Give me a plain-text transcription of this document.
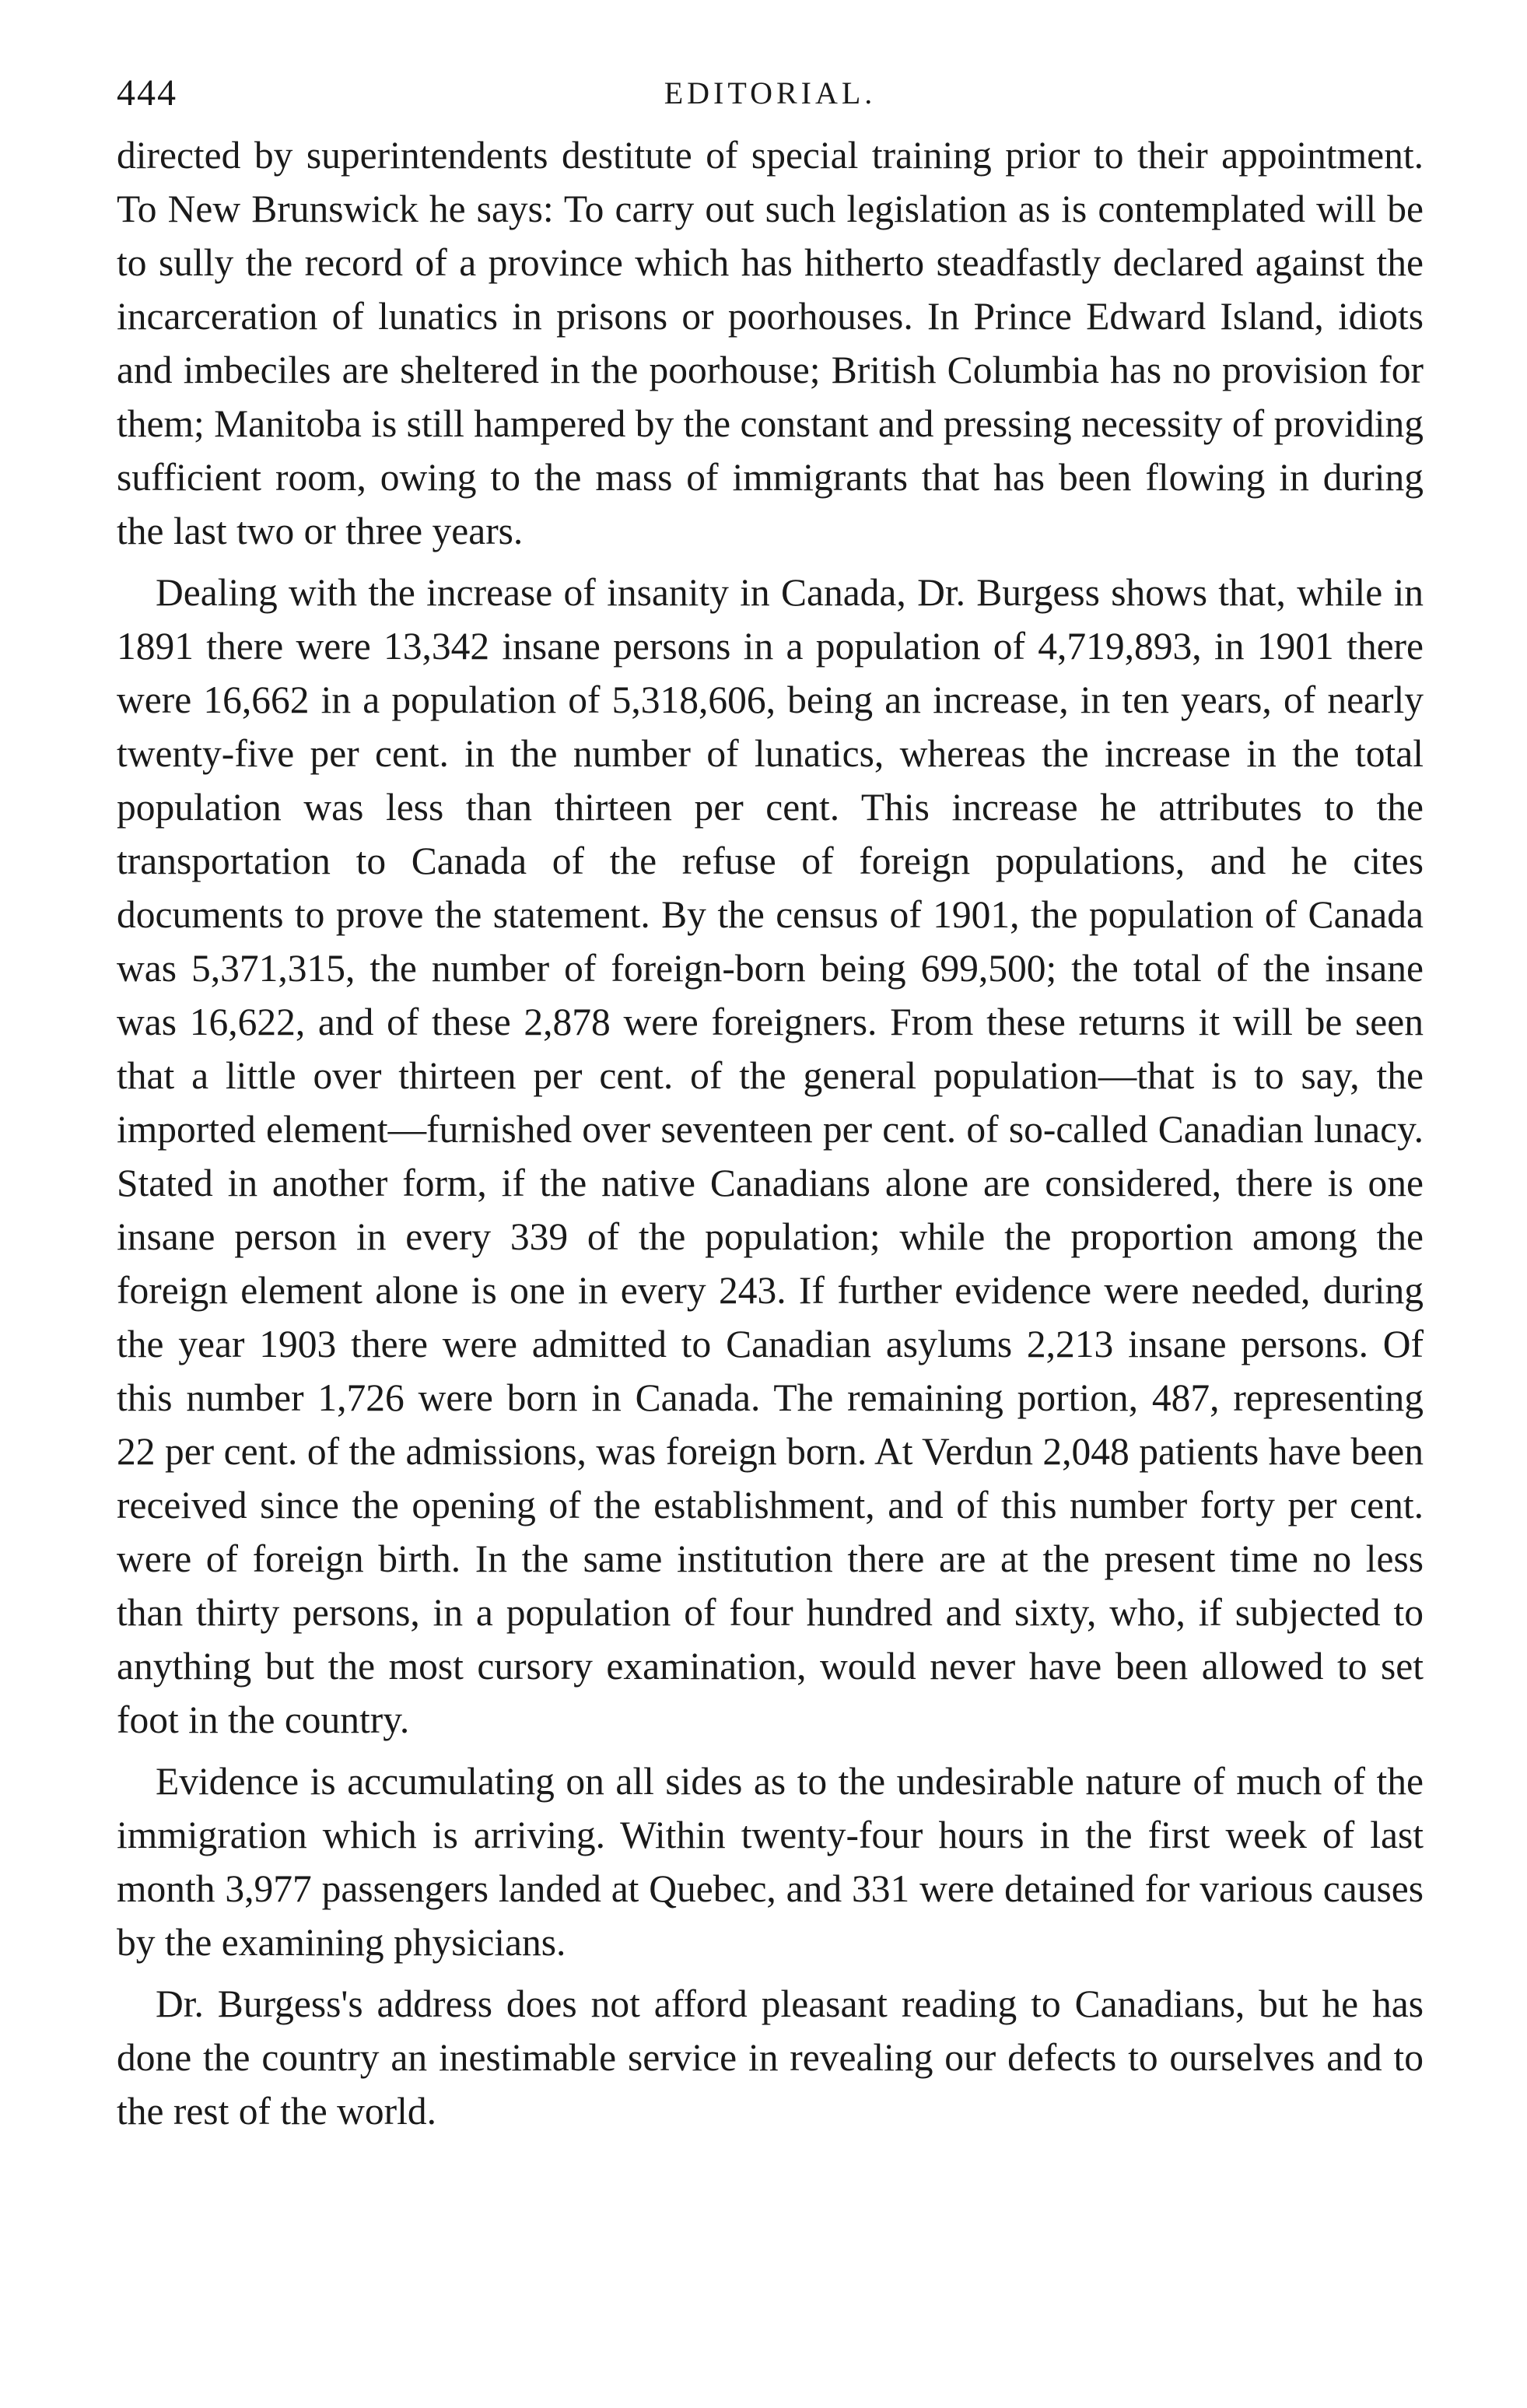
444	EDITORIAL.

directed by superintendents destitute of special training prior to their appointment. To New Brunswick he says: To carry out such legislation as is contemplated will be to sully the record of a province which has hitherto steadfastly declared against the incarceration of lunatics in prisons or poorhouses. In Prince Edward Island, idiots and imbeciles are sheltered in the poorhouse; British Columbia has no provision for them; Manitoba is still hampered by the constant and pressing necessity of providing sufficient room, owing to the mass of immigrants that has been flowing in during the last two or three years.

Dealing with the increase of insanity in Canada, Dr. Burgess shows that, while in 1891 there were 13,342 insane persons in a population of 4,719,893, in 1901 there were 16,662 in a population of 5,318,606, being an increase, in ten years, of nearly twenty-five per cent. in the number of lunatics, whereas the increase in the total population was less than thirteen per cent. This increase he attributes to the transportation to Canada of the refuse of foreign populations, and he cites documents to prove the statement. By the census of 1901, the population of Canada was 5,371,315, the number of foreign-born being 699,500; the total of the insane was 16,622, and of these 2,878 were foreigners. From these returns it will be seen that a little over thirteen per cent. of the general population—that is to say, the imported element—furnished over seventeen per cent. of so-called Canadian lunacy. Stated in another form, if the native Canadians alone are considered, there is one insane person in every 339 of the population; while the proportion among the foreign element alone is one in every 243. If further evidence were needed, during the year 1903 there were admitted to Canadian asylums 2,213 insane persons. Of this number 1,726 were born in Canada. The remaining portion, 487, representing 22 per cent. of the admissions, was foreign born. At Verdun 2,048 patients have been received since the opening of the establishment, and of this number forty per cent. were of foreign birth. In the same institution there are at the present time no less than thirty persons, in a population of four hundred and sixty, who, if subjected to anything but the most cursory examination, would never have been allowed to set foot in the country.

Evidence is accumulating on all sides as to the undesirable nature of much of the immigration which is arriving. Within twenty-four hours in the first week of last month 3,977 passengers landed at Quebec, and 331 were detained for various causes by the examining physicians.

Dr. Burgess's address does not afford pleasant reading to Canadians, but he has done the country an inestimable service in revealing our defects to ourselves and to the rest of the world.
